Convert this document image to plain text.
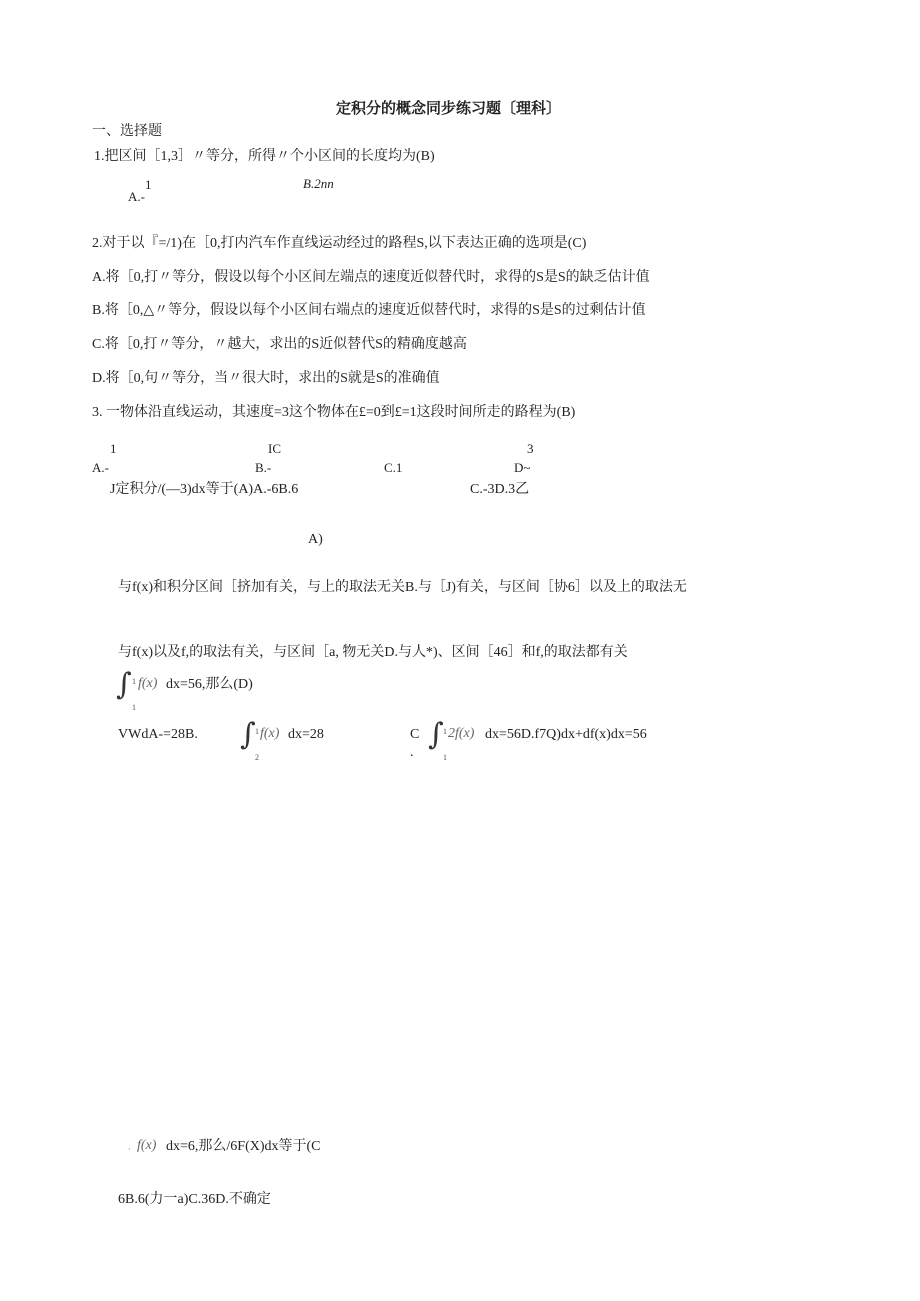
定积分的概念同步练习题〔理科〕
一、选择题
1.把区间［1,3］〃等分，所得〃个小区间的长度均为(B)
1
A.-
B.2nn
2.对于以『=/1)在［0,打内汽车作直线运动经过的路程S,以下表达正确的选项是(C)
A.将［0,打〃等分，假设以每个小区间左端点的速度近似替代时，求得的S是S的缺乏估计值
B.将［0,△〃等分，假设以每个小区间右端点的速度近似替代时，求得的S是S的过剩估计值
C.将［0,打〃等分，〃越大，求出的S近似替代S的精确度越高
D.将［0,句〃等分，当〃很大时，求出的S就是S的准确值
3. 一物体沿直线运动，其速度=3这个物体在£=0到£=1这段时间所走的路程为(B)
1	IC	3
A.-	B.-	C.1	D~
J定积分/(—3)dx等于(A)A.-6B.6	C.-3D.3乙
A)
与f(x)和积分区间［挤加有关，与上的取法无关B.与［J)有关，与区间［协6］以及上的取法无
与f(x)以及f,的取法有关，与区间［a, 物无关D.与人*)、区间［46］和f,的取法都有关
∫ 1
1
f(x) dx=56,那么(D)
VWdA-=28B. ∫ 1
2
f(x) dx=28	C
.
∫ 1
1
2f(x) dx=56D.f7Q)dx+df(x)dx=56
· f(x) dx=6,那么/6F(X)dx等于(C
6B.6(力一a)C.36D.不确定
